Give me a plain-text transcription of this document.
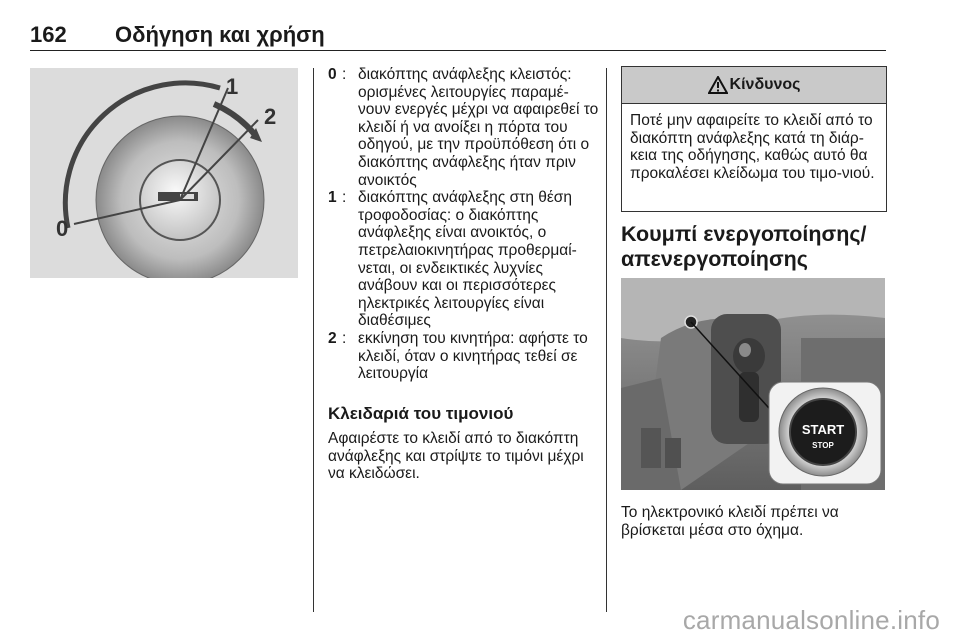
162 Οδήγηση και χρήση
0
1
2
0 : διακόπτης ανάφλεξης κλειστός: ορισμένες λειτουργίες παραμέ-νουν ενεργές μέχρι να αφαιρεθεί το κλειδί ή να ανοίξει η πόρτα του οδηγού, με την προϋπόθεση ότι ο διακόπτης ανάφλεξης ήταν πριν ανοικτός
1 : διακόπτης ανάφλεξης στη θέση τροφοδοσίας: ο διακόπτης ανάφλεξης είναι ανοικτός, ο πετρελαιοκινητήρας προθερμαί-νεται, οι ενδεικτικές λυχνίες ανάβουν και οι περισσότερες ηλεκτρικές λειτουργίες είναι διαθέσιμες
2 : εκκίνηση του κινητήρα: αφήστε το κλειδί, όταν ο κινητήρας τεθεί σε λειτουργία
Κλειδαριά του τιμονιού
Αφαιρέστε το κλειδί από το διακόπτη ανάφλεξης και στρίψτε το τιμόνι μέχρι να κλειδώσει.
Κίνδυνος
Ποτέ μην αφαιρείτε το κλειδί από το διακόπτη ανάφλεξης κατά τη διάρ-κεια της οδήγησης, καθώς αυτό θα προκαλέσει κλείδωμα του τιμο-νιού.
Κουμπί ενεργοποίησης/ απενεργοποίησης
START
STOP
Το ηλεκτρονικό κλειδί πρέπει να βρίσκεται μέσα στο όχημα.
carmanualsonline.info
